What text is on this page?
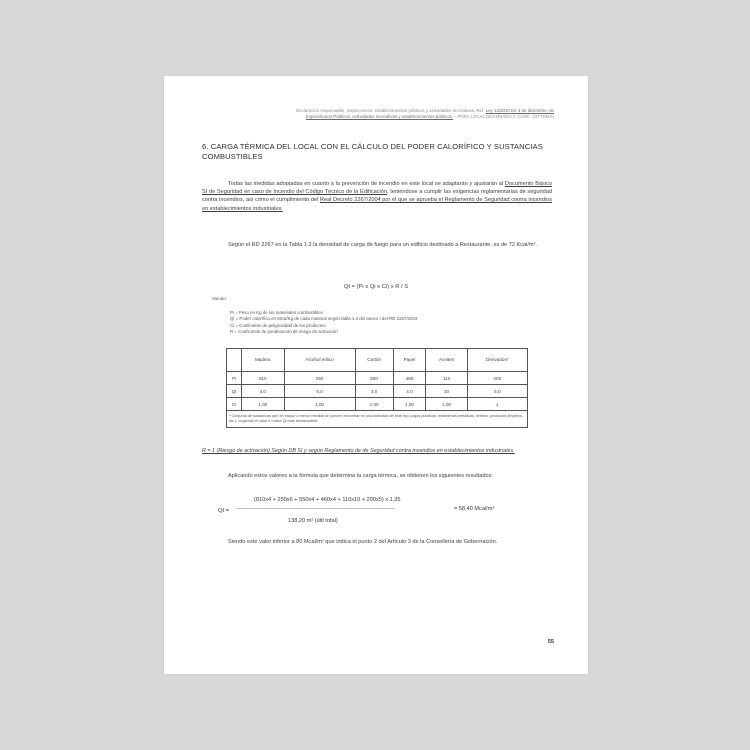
Declaración responsable, inspecciones, establecimientos públicos y actividades recreativas. Ref. Ley 14/2010 De 3 de diciembre, de
Espectáculos Públicos, Actividades recreativas y establecimientos públicos. – PARA LOCAL DESTINADO A 'CAFE'. (OTTOMA)
6. CARGA TÉRMICA DEL LOCAL CON EL CÁLCULO DEL PODER CALORÍFICO Y SUSTANCIAS COMBUSTIBLES
Todas las medidas adoptadas en cuanto a la prevención de incendio en este local se adaptarán y ajustarán al Documento Básico SI de Seguridad en caso de Incendio del Código Técnico de la Edificación, teniéndose a cumplir las exigencias reglamentarias de seguridad contra incendios, así como el cumplimiento del Real Decreto 2267/2004 por el que se aprueba el Reglamento de Seguridad contra incendios en establecimientos industriales.
Según el RD 2267 en la Tabla 1.2 la densidad de carga de fuego para un edificio destinado a Restaurante, es de 72 Kcal/m².
Qt = (Pi x Qi x Ci) x R / S
Siendo:
Pi = Peso en Kg de los materiales combustibles
Qi = Poder calorífico en Mcal/Kg de cada material según tabla 1.4 del anexo I del RD 2267/2004
Ci = Coeficiente de peligrosidad de los productos
R = Coeficiente de ponderación de riesgo de activación
	Madera	Alcohol etílico	Cartón	Papel	Aceites	Derivados*
Pi	810	250	550	460	110	200
Qi	4,0	6,0	4,0	4,0	10	5,0
Ci	1,00	1,00	1,00	1,00	1,00	1
* Conjunto de sustancias que en mayor o menor medida se pueden encontrar en una actividad de este tipo (cajas plásticas, estanterías metálicas, textiles, productos limpieza, etc.), cogiendo el valor e índice Qi más desfavorable.						
R = 1 (Riesgo de activación) Según DB SI y según Reglamento de de Seguridad contra incendios en establecimientos industriales.
Aplicando estos valores a la fórmula que determina la carga térmica, se obtienen los siguientes resultados:
(810x4 + 250x6 + 550x4 + 460x4 + 110x10 + 200x5) x 1,35
Qt = --------------------------------------------------------------------------------------------------------	= 58,40 Mcal/m²
138,20 m² (útil total)
Siendo este valor inferior a 80 Mcal/m² que indica el punto 2 del Artículo 3 de la Consellería de Gobernación.
55
